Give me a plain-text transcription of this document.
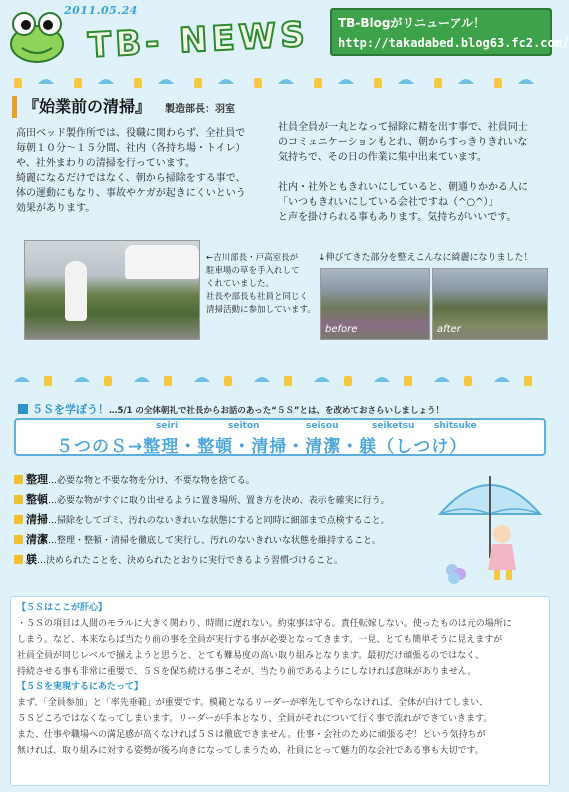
2011.05.24
TB- NEWS	TB-Blogがリニューアル！
http://takadabed.blog63.fc2.com/
『始業前の清掃』	製造部長：羽室

高田ベッド製作所では、役職に関わらず、全社員で

毎朝１０分～１５分間、社内（各持ち場・トイレ）

や、社外まわりの清掃を行っています。

綺麗になるだけではなく、朝から掃除をする事で、

体の運動にもなり、事故やケガが起きにくいという

効果があります。

社員全員が一丸となって掃除に精を出す事で、社員同士

のコミュニケーションもとれ、朝からすっきりきれいな

気持ちで、その日の作業に集中出来ています。

社内・社外ともきれいにしていると、朝通りかかる人に

「いつもきれいにしている会社ですね（^○^）」

と声を掛けられる事もあります。気持ちがいいです。

←吉川部長・戸高室長が
駐車場の草を手入れして
くれていました。
社長や部長も社員と同じく
清掃活動に参加しています。
↓伸びてきた部分を整えこんなに綺麗になりました！
before	after
５Ｓを学ぼう！…5/1 の全体朝礼で社長からお話のあった“５Ｓ”とは、を改めておさらいしましょう！
seiri	seiton	seisou	seiketsu shitsuke
５つのＳ→整理・整頓・清掃・清潔・躾（しつけ）
整理…必要な物と不要な物を分け、不要な物を捨てる。
整頓…必要な物がすぐに取り出せるように置き場所、置き方を決め、表示を確実に行う。
清掃…掃除をしてゴミ、汚れのないきれいな状態にすると同時に細部まで点検すること。
清潔…整理・整頓・清掃を徹底して実行し、汚れのないきれいな状態を維持すること。
躾…決められたことを、決められたとおりに実行できるよう習慣づけること。
【５Ｓはここが肝心】

・５Ｓの項目は人間のモラルに大きく関わり、時間に遅れない。約束事は守る。責任転嫁しない。使ったものは元の場所に

しまう。など、本来ならば当たり前の事を全員が実行する事が必要となってきます。一見、とても簡単そうに見えますが

社員全員が同じレベルで揃えようと思うと、とても難易度の高い取り組みとなります。最初だけ頑張るのではなく、

持続させる事も非常に重要で、５Ｓを保ち続ける事こそが、当たり前であるようにしなければ意味がありません。

【５Ｓを実現するにあたって】

まず、「全員参加」と「率先垂範」が重要です。模範となるリーダーが率先してやらなければ、全体が白けてしまい、

５Ｓどころではなくなってしまいます。リーダーが手本となり、全員がそれについて行く事で流れができていきます。

また、仕事や職場への満足感が高くなければ５Ｓは徹底できません。仕事・会社のために頑張るぞ！という気持ちが

無ければ、取り組みに対する姿勢が後ろ向きになってしまうため、社員にとって魅力的な会社である事も大切です。
